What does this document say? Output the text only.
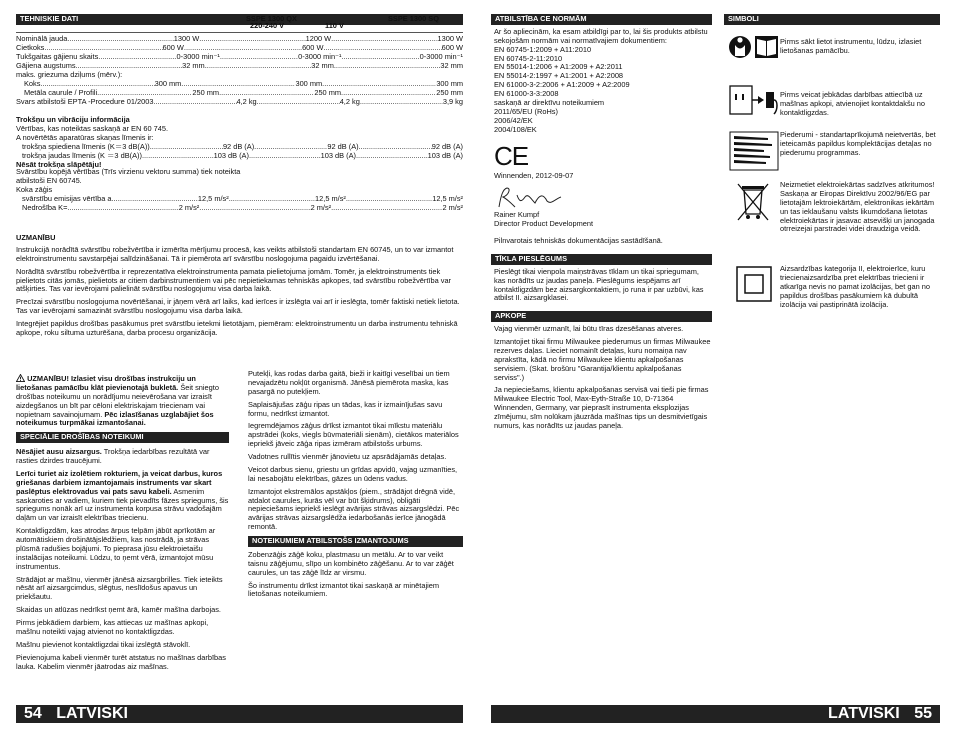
TEHNISKIE DATI	SSPE 1300 QX	SSPE 1300 SQ
220-240 V	110 V
Nominālā jauda .....	1300 W .....	1200 W .....	1300 W
Cietkoks .....	600 W .....	600 W .....	600 W
Tukšgaitas gājienu skaits .....	0-3000 min⁻¹ .....	0-3000 min⁻¹ .....	0-3000 min⁻¹
Gājiena augstums .....	32 mm .....	32 mm .....	32 mm
maks. griezuma dziļums (mērv.):
Koks .....	300 mm .....	300 mm .....	300 mm
Metāla caurule / Profili .....	250 mm .....	250 mm .....	250 mm
Svars atbilstoši EPTA -Procedure 01/2003 .....	4,2 kg .....	4,2 kg .....	3,9 kg
Trokšņu un vibrāciju informācija
Vērtības, kas noteiktas saskaņā ar EN 60 745.
A novērtētās aparatūras skaņas līmenis ir:
trokšņa spiediena līmenis (K＝3 dB(A)) .....	92 dB (A) .....	92 dB (A) .....	92 dB (A)
trokšņa jaudas līmenis (K ＝3 dB(A)) .....	103 dB (A) .....	103 dB (A) .....	103 dB (A)
Nēsāt trokšņa slāpētāju!
Svārstību kopējā vērtības (Trīs virzienu vektoru summa) tiek noteikta atbilstoši EN 60745.
Koka zāģis
svārstību emisijas vērtība a .....	12,5 m/s² .....	12,5 m/s² .....	12,5 m/s²
Nedrošība K= .....	2 m/s² .....	2 m/s² .....	2 m/s²
UZMANĪBU

Instrukcijā norādītā svārstību robežvērtība ir izmērīta mērījumu procesā, kas veikts atbilstoši standartam EN 60745, un to var izmantot elektroinstrumentu savstarpējai salīdzināšanai. Tā ir piemērota arī svārstību noslogojuma pagaidu izvērtēšanai.

Norādītā svārstību robežvērtība ir reprezentatīva elektroinstrumenta pamata pielietojuma jomām. Tomēr, ja elektroinstruments tiek pielietots citās jomās, pielietots ar citiem darbinstrumentiem vai pēc nepietiekamas tehniskās apkopes, tad svārstību robežvērtība var atšķirties. Tas var ievērojami palielināt svārstību noslogojumu visa darba laikā.

Precīzai svārstību noslogojuma novērtēšanai, ir jāņem vērā arī laiks, kad ierīces ir izslēgta vai arī ir ieslēgta, tomēr faktiski netiek lietota. Tas var ievērojami samazināt svārstību noslogojumu visa darba laikā.

Integrējiet papildus drošības pasākumus pret svārstību ietekmi lietotājam, piemēram: elektroinstrumentu un darba instrumentu tehniskā apkope, roku siltuma uzturēšana, darba procesu organizācija.

UZMANĪBU! Izlasiet visu drošības instrukciju un lietošanas pamācību klāt pievienotajā bukletā. Šeit sniegto drošības noteikumu un norādījumu neievērošana var izraisīt aizdegšanos un bīt par cēloni elektriskajam triecienam vai nopietnam savainojumam. Pēc izlasīšanas uzglabājiet šos noteikumus turpmākai izmantošanai.

SPECIĀLIE DROŠĪBAS NOTEIKUMI

Nēsājiet ausu aizsargus. Trokšņa iedarbības rezultātā var rasties dzirdes traucējumi.

Lerīci turiet aiz izolētiem rokturiem, ja veicat darbus, kuros griešanas darbiem izmantojamais instruments var skart paslēptus elektrovadus vai pats savu kabeli. Asmenim saskaroties ar vadiem, kuriem tiek pievadīts fāzes spriegums, šis spriegums nonāk arī uz instrumenta korpusa strāvu vadošajām daļām un var izraisīt elektrības triecienu.

Kontaktligzdām, kas atrodas ārpus telpām jābūt aprīkotām ar automātiskiem drošinātājslēdžiem, kas nostrādā, ja strāvas plūsmā radušies bojājumi. To pieprasa jūsu elektroietaišu instalācijas noteikumi. Lūdzu, to ņemt vērā, izmantojot mūsu instrumentus.

Strādājot ar mašīnu, vienmēr jānēsā aizsargbrilles. Tiek ieteikts nēsāt arī aizsargcimdus, slēgtus, neslīdošus apavus un priekšautu.

Skaidas un atlūzas nedrīkst ņemt ārā, kamēr mašīna darbojas.

Pirms jebkādiem darbiem, kas attiecas uz mašīnas apkopi, mašīnu noteikti vajag atvienot no kontaktligzdas.

Mašīnu pievienot kontaktligzdai tikai izslēgtā stāvoklī.

Pievienojuma kabeli vienmēr turēt atstatus no mašīnas darbības lauka. Kabelim vienmēr jāatrodas aiz mašīnas.

Putekļi, kas rodas darba gaitā, bieži ir kaitīgi veselībai un tiem nevajadzētu nokļūt organismā. Jānēsā piemērota maska, kas pasargā no putekļiem.

Saplaisājušas zāģu ripas un tādas, kas ir izmainījušas savu formu, nedrīkst izmantot.

Iegremdējamos zāģus drīkst izmantot tikai mīkstu materiālu apstrādei (koks, viegls būvmateriāli sienām), cietākos materiālos iepriekš jāveic zāģa ripas izmēram atbilstošs urbums.

Vadotnes rullītis vienmēr jānovietu uz apsrādājamās detaļas.

Veicot darbus sienu, griestu un grīdas apvidū, vajag uzmanīties, lai nesabojātu elektrības, gāzes un ūdens vadus.

Izmantojot ekstremālos apstākļos (piem., strādājot drēgnā vidē, atdalot caurules, kurās vēl var būt šķidrums), obligāti nepieciešams iepriekš ieslēgt avārijas strāvas aizsargslēdzi. Pēc avārijas strāvas aizsargslēdža iedarbošanās ierīce jānogādā remontā.

NOTEIKUMIEM ATBILSTOŠS IZMANTOJUMS

Zobenzāģis zāģē koku, plastmasu un metālu. Ar to var veikt taisnu zāģējumu, slīpo un kombinēto zāģēšanu. Ar to var zāģēt caurules, un tas zāģē līdz ar virsmu.

Šo instrumentu drīkst izmantot tikai saskaņā ar minētajiem lietošanas noteikumiem.

54 LATVISKI
ATBILSTĪBA CE NORMĀM
Ar šo apliecinām, ka esam atbildīgi par to, lai šis produkts atbilstu sekojošām normām vai normatīvajiem dokumentiem:
EN 60745-1:2009 + A11:2010
EN 60745-2-11:2010
EN 55014-1:2006 + A1:2009 + A2:2011
EN 55014-2:1997 + A1:2001 + A2:2008
EN 61000-3-2:2006 + A1:2009 + A2:2009
EN 61000-3-3:2008
saskaņā ar direktīvu noteikumiem
2011/65/EU (RoHs)
2006/42/EK
2004/108/EK
CE
Winnenden, 2012-09-07
Rainer Kumpf
Director Product Development
Pilnvarotais tehniskās dokumentācijas sastādīšanā.
TĪKLA PIESLĒGUMS

Pieslēgt tikai vienpola maiņstrāvas tīklam un tikai spriegumam, kas norādīts uz jaudas paneļa. Pieslēgums iespējams arī kontaktligzdām bez aizsargkontaktiem, jo runa ir par uzbūvi, kas atbilst II. aizsargklasei.

APKOPE

Vajag vienmēr uzmanīt, lai būtu tīras dzesēšanas atveres.

Izmantojiet tikai firmu Milwaukee piederumus un firmas Milwaukee rezerves daļas. Lieciet nomainīt detaļas, kuru nomaiņa nav aprakstīta, kādā no firmu Milwaukee klientu apkalpošanas servisiem. (Skat. brošūru "Garantija/klientu apkalpošanas serviss".)

Ja nepieciešams, klientu apkalpošanas servisā vai tieši pie firmas Milwaukee Electric Tool, Max-Eyth-Straße 10, D-71364 Winnenden, Germany, var pieprasīt instrumenta eksplozijas zīmējumu, sīm nolūkam jāuzrāda mašīnas tips un desmitvietīgais numurs, kas norādīts uz jaudas paneļa.

SIMBOLI
Pirms sākt lietot instrumentu, lūdzu, izlasiet lietošanas pamācību.
Pirms veicat jebkādas darbības attiecībā uz mašīnas apkopi, atvienojiet kontaktdakšu no kontaktligzdas.
Piederumi - standartaprīkojumā neietvertās, bet ieteicamās papildus komplektācijas detaļas no piederumu programmas.
Neizmetiet elektroiekārtas sadzīves atkritumos! Saskaņa ar Eiropas Direktīvu 2002/96/EG par lietotajām lektroiekārtām, elektronikas iekārtām un tas ieklaušanu valsts likumdošana lietotas elektroiekārtas ir jasavac atsevišķi un janogada otrreizejai parstradei videi draudziga veidā.
Aizsardzības kategorija II, elektroierīce, kuru triecienaizsardzība pret elektrības triecieni ir atkarīga nevis no pamat izolācijas, bet gan no papildus drošības pasākumiem kā dubultā izolācija vai pastiprinātā izolācija.
LATVISKI 55
